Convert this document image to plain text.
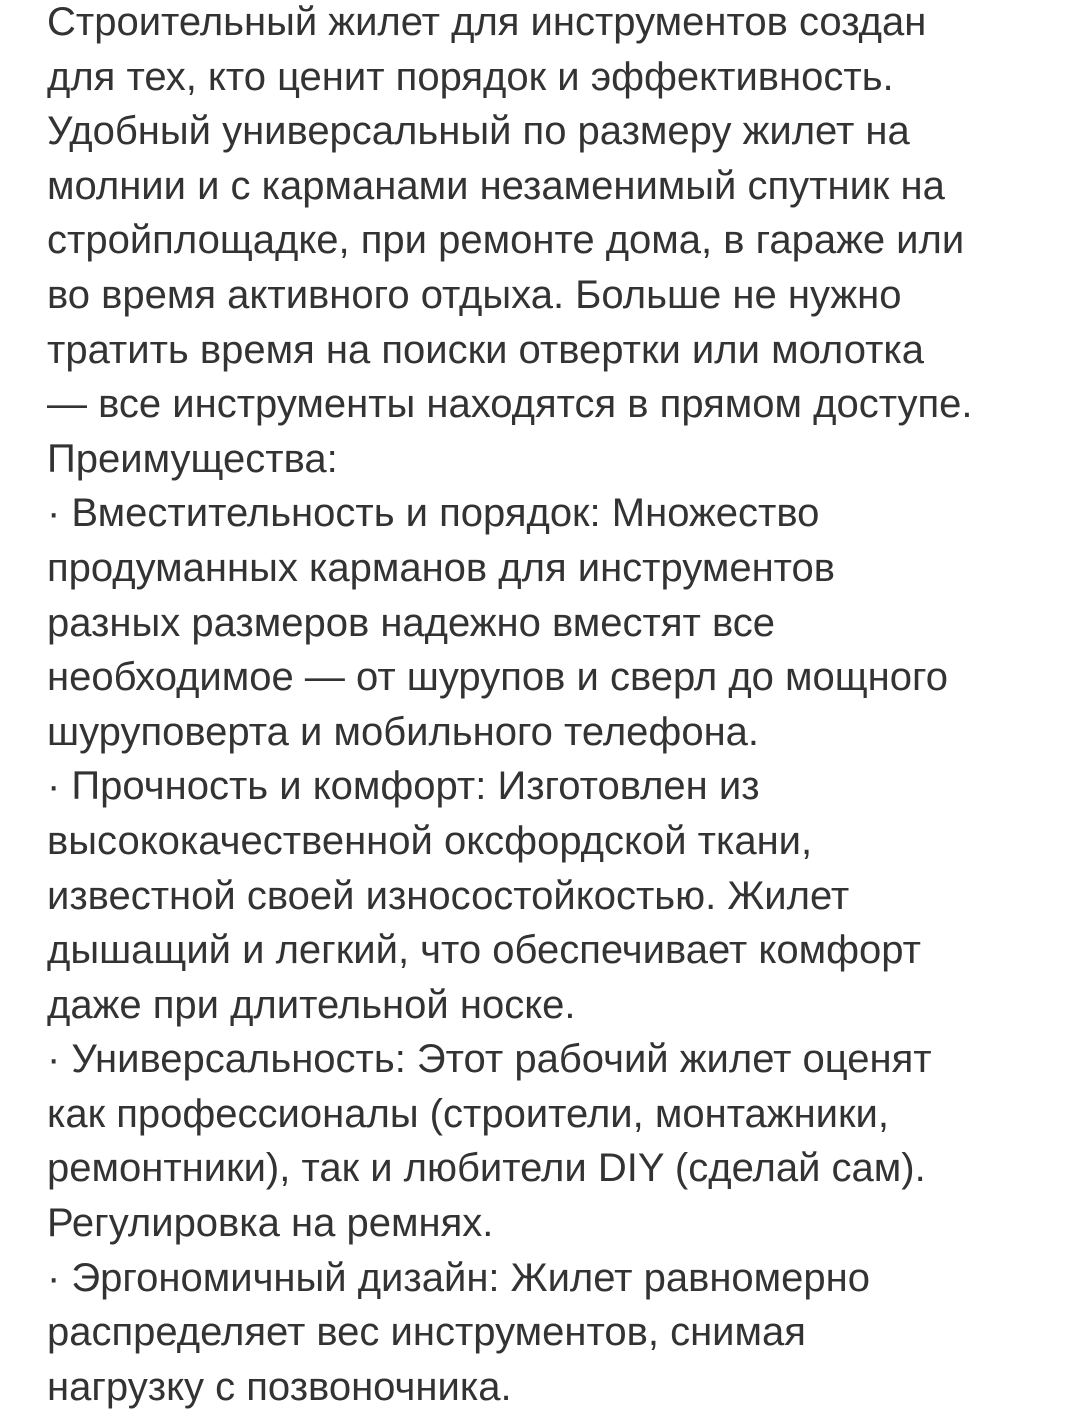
Строительный жилет для инструментов создан
для тех, кто ценит порядок и эффективность.
Удобный универсальный по размеру жилет на
молнии и с карманами незаменимый спутник на
стройплощадке, при ремонте дома, в гараже или
во время активного отдыха. Больше не нужно
тратить время на поиски отвертки или молотка
— все инструменты находятся в прямом доступе.
Преимущества:
· Вместительность и порядок: Множество
продуманных карманов для инструментов
разных размеров надежно вместят все
необходимое — от шурупов и сверл до мощного
шуруповерта и мобильного телефона.
· Прочность и комфорт: Изготовлен из
высококачественной оксфордской ткани,
известной своей износостойкостью. Жилет
дышащий и легкий, что обеспечивает комфорт
даже при длительной носке.
· Универсальность: Этот рабочий жилет оценят
как профессионалы (строители, монтажники,
ремонтники), так и любители DIY (сделай сам).
Регулировка на ремнях.
· Эргономичный дизайн: Жилет равномерно
распределяет вес инструментов, снимая
нагрузку с позвоночника.
